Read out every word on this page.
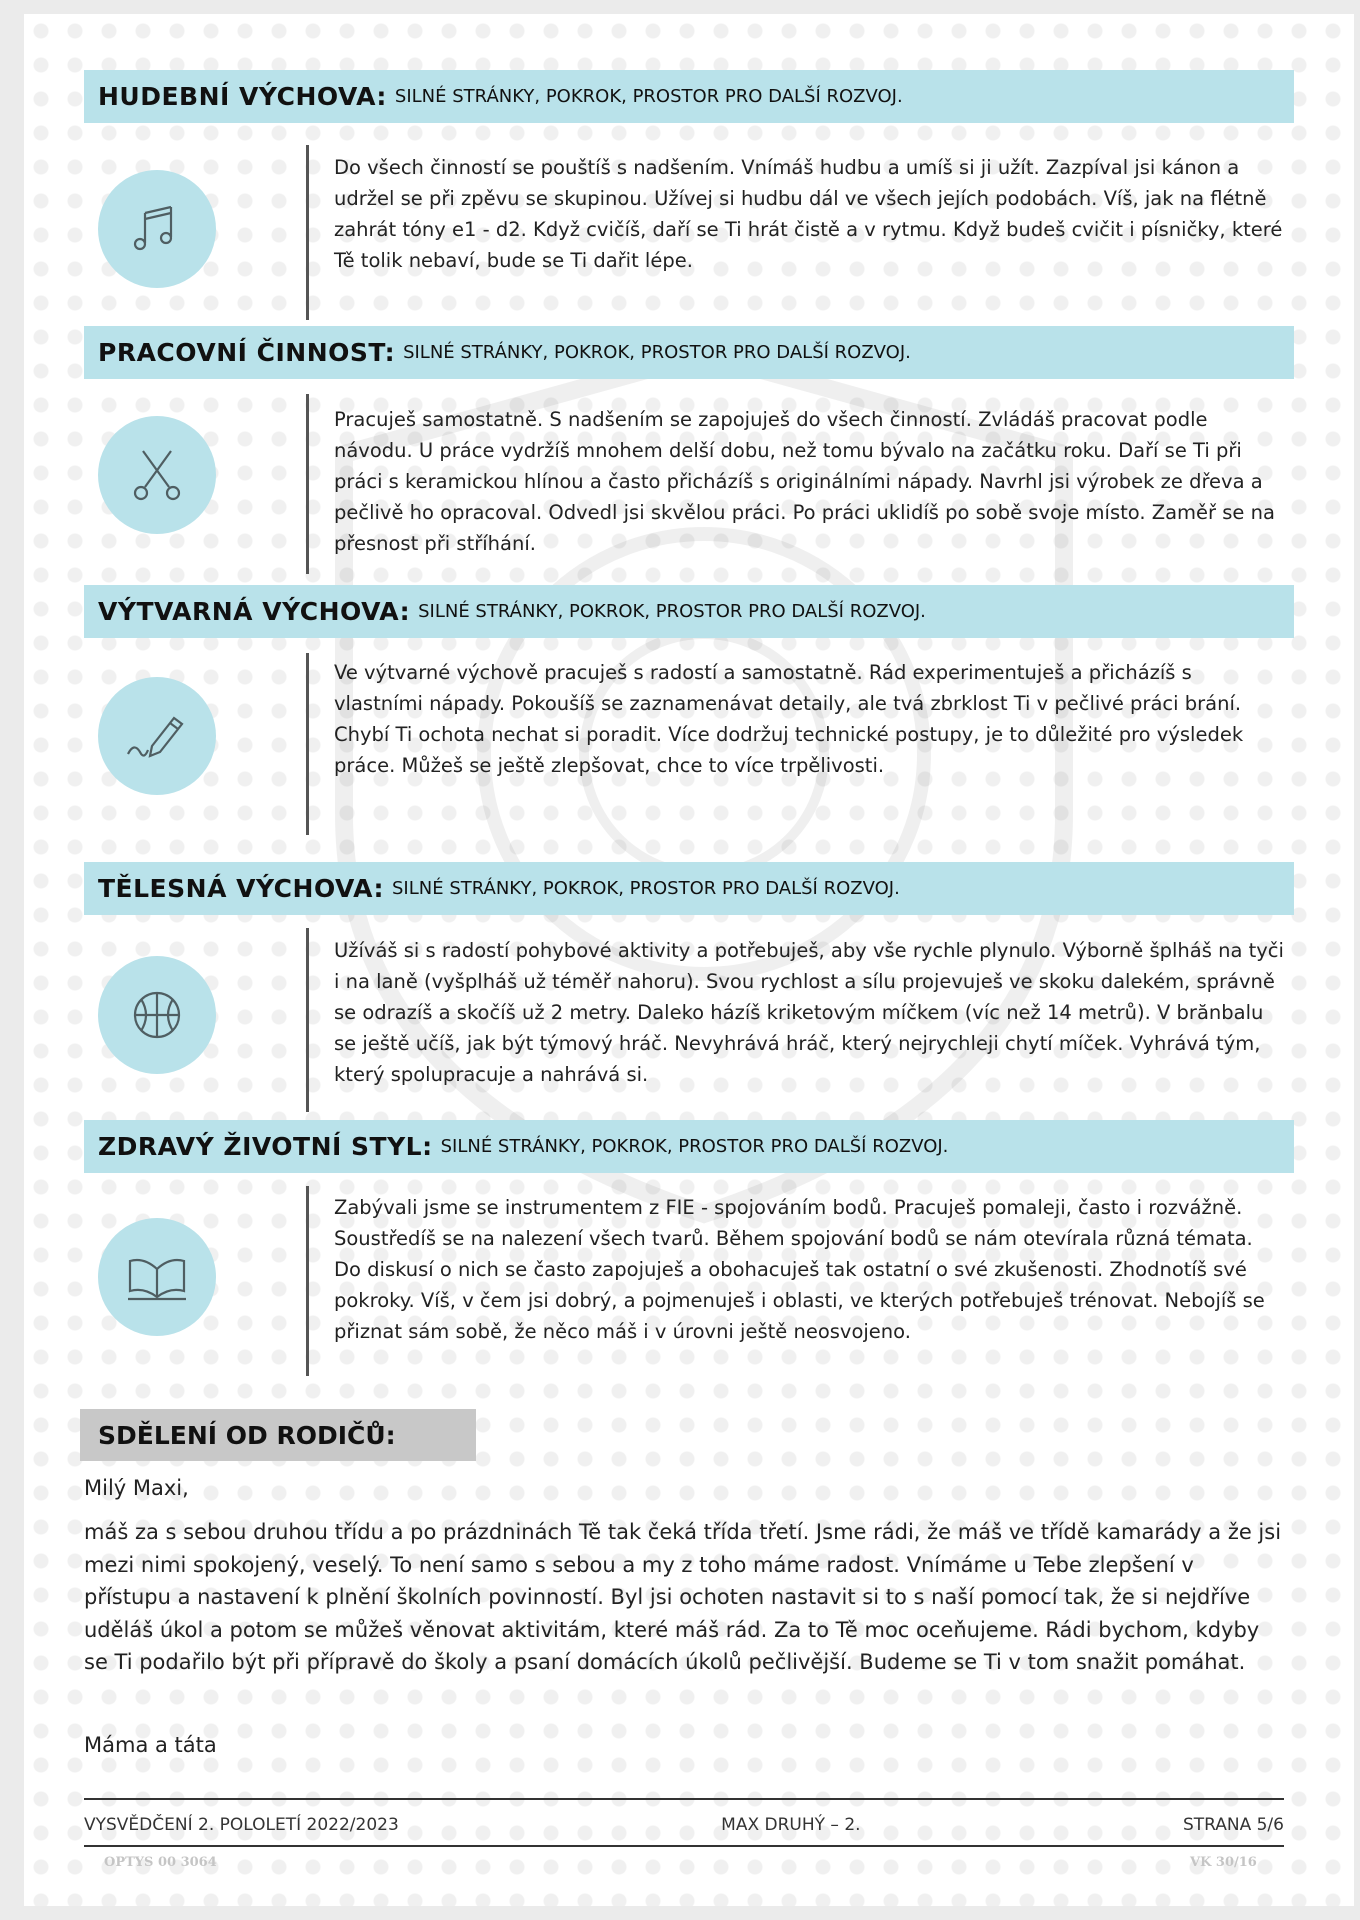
HUDEBNÍ VÝCHOVA: SILNÉ STRÁNKY, POKROK, PROSTOR PRO DALŠÍ ROZVOJ.
Do všech činností se pouštíš s nadšením. Vnímáš hudbu a umíš si ji užít. Zazpíval jsi kánon a udržel se při zpěvu se skupinou. Užívej si hudbu dál ve všech jejích podobách. Víš, jak na flétně zahrát tóny e1 - d2. Když cvičíš, daří se Ti hrát čistě a v rytmu. Když budeš cvičit i písničky, které Tě tolik nebaví, bude se Ti dařit lépe.
PRACOVNÍ ČINNOST: SILNÉ STRÁNKY, POKROK, PROSTOR PRO DALŠÍ ROZVOJ.
Pracuješ samostatně. S nadšením se zapojuješ do všech činností. Zvládáš pracovat podle návodu. U práce vydržíš mnohem delší dobu, než tomu bývalo na začátku roku. Daří se Ti při práci s keramickou hlínou a často přicházíš s originálními nápady. Navrhl jsi výrobek ze dřeva a pečlivě ho opracoval. Odvedl jsi skvělou práci. Po práci uklidíš po sobě svoje místo. Zaměř se na přesnost při stříhání.
VÝTVARNÁ VÝCHOVA: SILNÉ STRÁNKY, POKROK, PROSTOR PRO DALŠÍ ROZVOJ.
Ve výtvarné výchově pracuješ s radostí a samostatně. Rád experimentuješ a přicházíš s vlastními nápady. Pokoušíš se zaznamenávat detaily, ale tvá zbrklost Ti v pečlivé práci brání. Chybí Ti ochota nechat si poradit. Více dodržuj technické postupy, je to důležité pro výsledek práce. Můžeš se ještě zlepšovat, chce to více trpělivosti.
TĚLESNÁ VÝCHOVA: SILNÉ STRÁNKY, POKROK, PROSTOR PRO DALŠÍ ROZVOJ.
Užíváš si s radostí pohybové aktivity a potřebuješ, aby vše rychle plynulo. Výborně šplháš na tyči i na laně (vyšplháš už téměř nahoru). Svou rychlost a sílu projevuješ ve skoku dalekém, správně se odrazíš a skočíš už 2 metry. Daleko házíš kriketovým míčkem (víc než 14 metrů). V brănbalu se ještě učíš, jak být týmový hráč. Nevyhrává hráč, který nejrychleji chytí míček. Vyhrává tým, který spolupracuje a nahrává si.
ZDRAVÝ ŽIVOTNÍ STYL: SILNÉ STRÁNKY, POKROK, PROSTOR PRO DALŠÍ ROZVOJ.
Zabývali jsme se instrumentem z FIE - spojováním bodů. Pracuješ pomaleji, často i rozvážně. Soustředíš se na nalezení všech tvarů. Během spojování bodů se nám otevírala různá témata. Do diskusí o nich se často zapojuješ a obohacuješ tak ostatní o své zkušenosti. Zhodnotíš své pokroky. Víš, v čem jsi dobrý, a pojmenuješ i oblasti, ve kterých potřebuješ trénovat. Nebojíš se přiznat sám sobě, že něco máš i v úrovni ještě neosvojeno.
SDĚLENÍ OD RODIČŮ:
Milý Maxi,
máš za s sebou druhou třídu a po prázdninách Tě tak čeká třída třetí. Jsme rádi, že máš ve třídě kamarády a že jsi mezi nimi spokojený, veselý. To není samo s sebou a my z toho máme radost. Vnímáme u Tebe zlepšení v přístupu a nastavení k plnění školních povinností. Byl jsi ochoten nastavit si to s naší pomocí tak, že si nejdříve uděláš úkol a potom se můžeš věnovat aktivitám, které máš rád. Za to Tě moc oceňujeme. Rádi bychom, kdyby se Ti podařilo být při přípravě do školy a psaní domácích úkolů pečlivější. Budeme se Ti v tom snažit pomáhat.
Máma a táta
VYSVĚDČENÍ 2. POLOLETÍ 2022/2023	MAX DRUHÝ – 2.	STRANA 5/6
OPTYS 00 3064	VK 30/16
